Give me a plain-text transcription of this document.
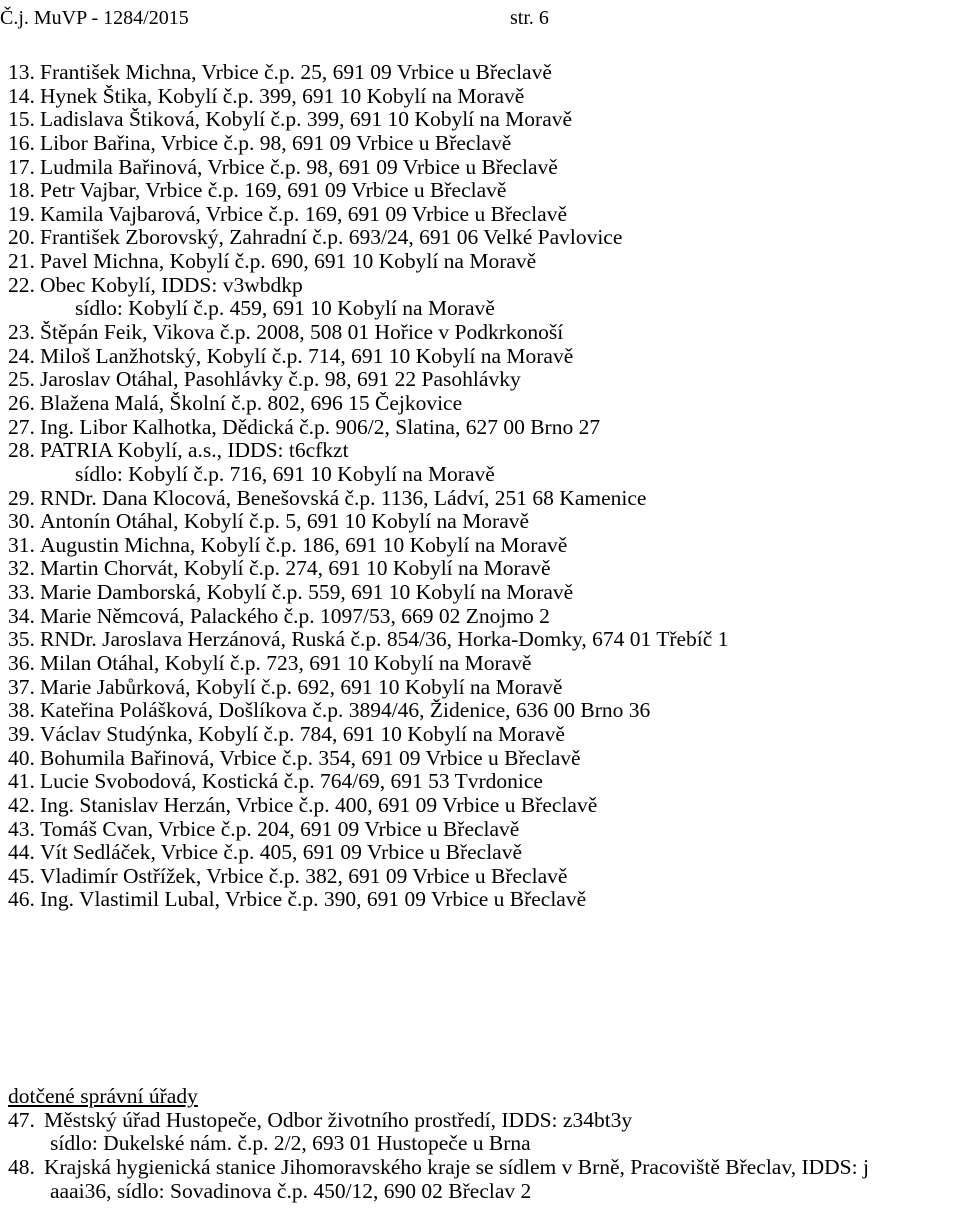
Č.j. MuVP - 1284/2015	str. 6
13. František Michna, Vrbice č.p. 25, 691 09 Vrbice u Břeclavě
14. Hynek Štika, Kobylí č.p. 399, 691 10 Kobylí na Moravě
15. Ladislava Štiková, Kobylí č.p. 399, 691 10 Kobylí na Moravě
16. Libor Bařina, Vrbice č.p. 98, 691 09 Vrbice u Břeclavě
17. Ludmila Bařinová, Vrbice č.p. 98, 691 09 Vrbice u Břeclavě
18. Petr Vajbar, Vrbice č.p. 169, 691 09 Vrbice u Břeclavě
19. Kamila Vajbarová, Vrbice č.p. 169, 691 09 Vrbice u Břeclavě
20. František Zborovský, Zahradní č.p. 693/24, 691 06 Velké Pavlovice
21. Pavel Michna, Kobylí č.p. 690, 691 10 Kobylí na Moravě
22. Obec Kobylí, IDDS: v3wbdkp
sídlo: Kobylí č.p. 459, 691 10 Kobylí na Moravě
23. Štěpán Feik, Vikova č.p. 2008, 508 01 Hořice v Podkrkonoší
24. Miloš Lanžhotský, Kobylí č.p. 714, 691 10 Kobylí na Moravě
25. Jaroslav Otáhal, Pasohlávky č.p. 98, 691 22 Pasohlávky
26. Blažena Malá, Školní č.p. 802, 696 15 Čejkovice
27. Ing. Libor Kalhotka, Dědická č.p. 906/2, Slatina, 627 00 Brno 27
28. PATRIA Kobylí, a.s., IDDS: t6cfkzt
sídlo: Kobylí č.p. 716, 691 10 Kobylí na Moravě
29. RNDr. Dana Klocová, Benešovská č.p. 1136, Ládví, 251 68 Kamenice
30. Antonín Otáhal, Kobylí č.p. 5, 691 10 Kobylí na Moravě
31. Augustin Michna, Kobylí č.p. 186, 691 10 Kobylí na Moravě
32. Martin Chorvát, Kobylí č.p. 274, 691 10 Kobylí na Moravě
33. Marie Damborská, Kobylí č.p. 559, 691 10 Kobylí na Moravě
34. Marie Němcová, Palackého č.p. 1097/53, 669 02 Znojmo 2
35. RNDr. Jaroslava Herzánová, Ruská č.p. 854/36, Horka-Domky, 674 01 Třebíč 1
36. Milan Otáhal, Kobylí č.p. 723, 691 10 Kobylí na Moravě
37. Marie Jabůrková, Kobylí č.p. 692, 691 10 Kobylí na Moravě
38. Kateřina Polášková, Došlíkova č.p. 3894/46, Židenice, 636 00 Brno 36
39. Václav Studýnka, Kobylí č.p. 784, 691 10 Kobylí na Moravě
40. Bohumila Bařinová, Vrbice č.p. 354, 691 09 Vrbice u Břeclavě
41. Lucie Svobodová, Kostická č.p. 764/69, 691 53 Tvrdonice
42. Ing. Stanislav Herzán, Vrbice č.p. 400, 691 09 Vrbice u Břeclavě
43. Tomáš Cvan, Vrbice č.p. 204, 691 09 Vrbice u Břeclavě
44. Vít Sedláček, Vrbice č.p. 405, 691 09 Vrbice u Břeclavě
45. Vladimír Ostřížek, Vrbice č.p. 382, 691 09 Vrbice u Břeclavě
46. Ing. Vlastimil Lubal, Vrbice č.p. 390, 691 09 Vrbice u Břeclavě
dotčené správní úřady
47. Městský úřad Hustopeče, Odbor životního prostředí, IDDS: z34bt3y
sídlo: Dukelské nám. č.p. 2/2, 693 01 Hustopeče u Brna
48. Krajská hygienická stanice Jihomoravského kraje se sídlem v Brně, Pracoviště Břeclav, IDDS: j
aaai36, sídlo: Sovadinova č.p. 450/12, 690 02 Břeclav 2
